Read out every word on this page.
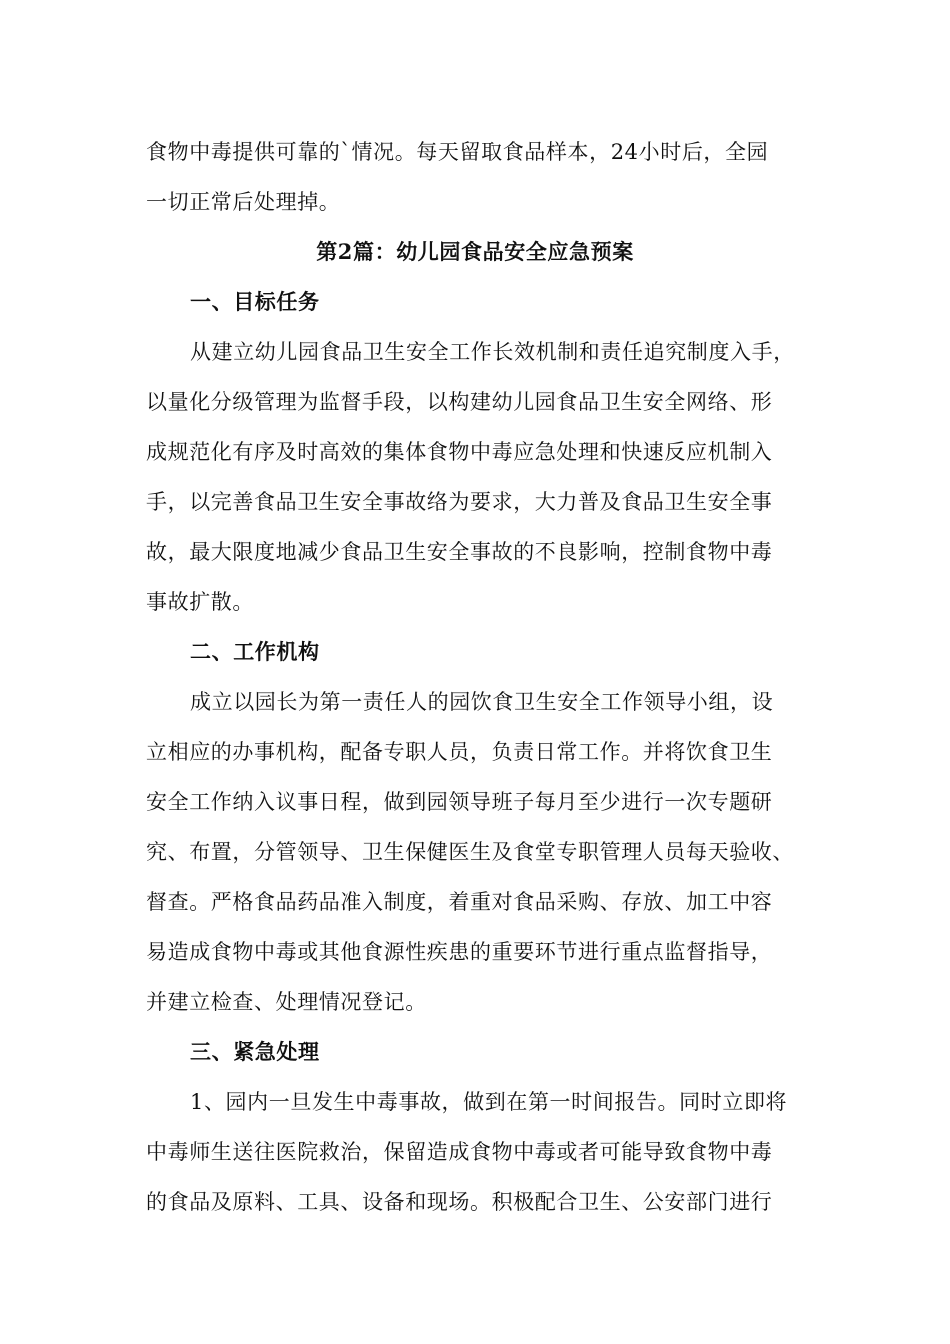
食物中毒提供可靠的`情况。每天留取食品样本，24小时后，全园
一切正常后处理掉。
第2篇：幼儿园食品安全应急预案
一、目标任务
从建立幼儿园食品卫生安全工作长效机制和责任追究制度入手，
以量化分级管理为监督手段，以构建幼儿园食品卫生安全网络、形
成规范化有序及时高效的集体食物中毒应急处理和快速反应机制入
手，以完善食品卫生安全事故络为要求，大力普及食品卫生安全事
故，最大限度地减少食品卫生安全事故的不良影响，控制食物中毒
事故扩散。
二、工作机构
成立以园长为第一责任人的园饮食卫生安全工作领导小组，设
立相应的办事机构，配备专职人员，负责日常工作。并将饮食卫生
安全工作纳入议事日程，做到园领导班子每月至少进行一次专题研
究、布置，分管领导、卫生保健医生及食堂专职管理人员每天验收、
督查。严格食品药品准入制度，着重对食品采购、存放、加工中容
易造成食物中毒或其他食源性疾患的重要环节进行重点监督指导，
并建立检查、处理情况登记。
三、紧急处理
1、园内一旦发生中毒事故，做到在第一时间报告。同时立即将
中毒师生送往医院救治，保留造成食物中毒或者可能导致食物中毒
的食品及原料、工具、设备和现场。积极配合卫生、公安部门进行
